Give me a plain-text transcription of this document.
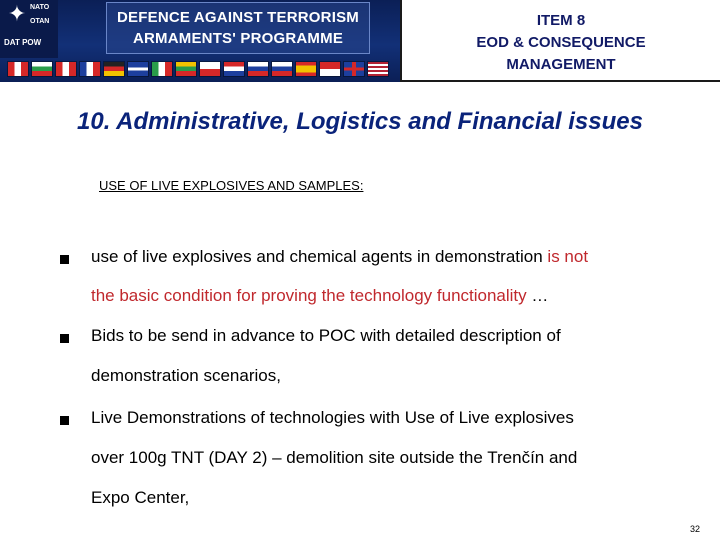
✦ NATO
OTAN
DAT POW
DEFENCE AGAINST TERRORISM
ARMAMENTS' PROGRAMME
ITEM 8
EOD & CONSEQUENCE
MANAGEMENT
10. Administrative, Logistics and Financial issues
USE OF LIVE EXPLOSIVES AND SAMPLES:
use of live explosives and chemical agents in demonstration is not
the basic condition for proving the technology functionality …
Bids to be send in advance to POC with detailed description of
demonstration scenarios,
Live Demonstrations of technologies with Use of Live explosives
over 100g TNT (DAY 2) – demolition site outside the Trenčín and
Expo Center,
32
